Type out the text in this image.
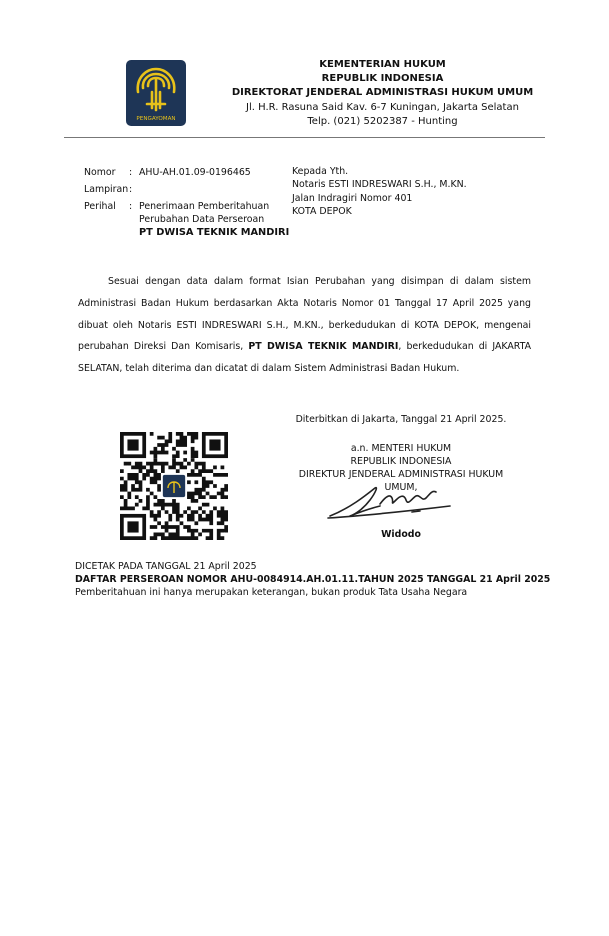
PENGAYOMAN
KEMENTERIAN HUKUM
REPUBLIK INDONESIA
DIREKTORAT JENDERAL ADMINISTRASI HUKUM UMUM
Jl. H.R. Rasuna Said Kav. 6-7 Kuningan, Jakarta Selatan
Telp. (021) 5202387 - Hunting
Nomor	: AHU-AH.01.09-0196465
Lampiran :
Perihal	: Penerimaan Pemberitahuan
Perubahan Data Perseroan
PT DWISA TEKNIK MANDIRI
Kepada Yth.
Notaris ESTI INDRESWARI S.H., M.KN.
Jalan Indragiri Nomor 401
KOTA DEPOK
Sesuai dengan data dalam format Isian Perubahan yang disimpan di dalam sistem Administrasi Badan Hukum berdasarkan Akta Notaris Nomor 01 Tanggal 17 April 2025 yang dibuat oleh Notaris ESTI INDRESWARI S.H., M.KN., berkedudukan di KOTA DEPOK, mengenai perubahan Direksi Dan Komisaris, PT DWISA TEKNIK MANDIRI, berkedudukan di JAKARTA SELATAN, telah diterima dan dicatat di dalam Sistem Administrasi Badan Hukum.
Diterbitkan di Jakarta, Tanggal 21 April 2025.
a.n. MENTERI HUKUM
REPUBLIK INDONESIA
DIREKTUR JENDERAL ADMINISTRASI HUKUM UMUM,
Widodo
DICETAK PADA TANGGAL 21 April 2025
DAFTAR PERSEROAN NOMOR AHU-0084914.AH.01.11.TAHUN 2025 TANGGAL 21 April 2025
Pemberitahuan ini hanya merupakan keterangan, bukan produk Tata Usaha Negara
